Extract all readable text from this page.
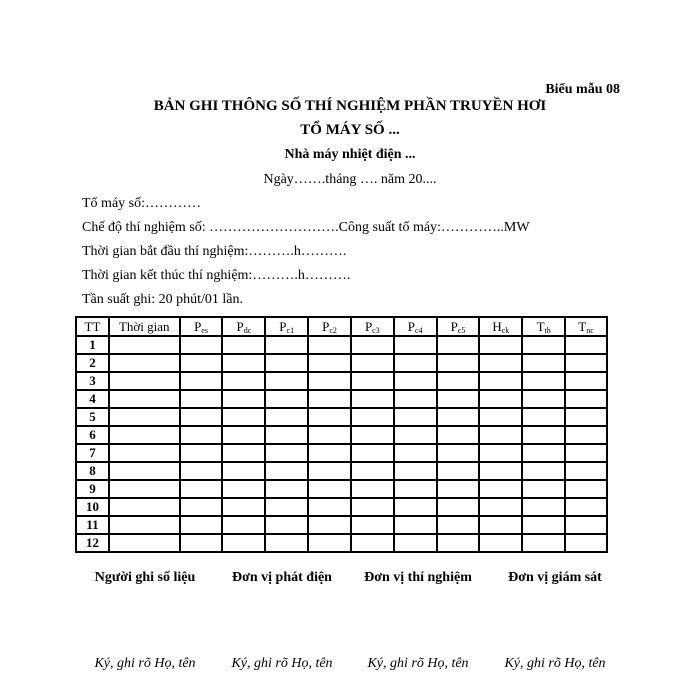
Biểu mẫu 08
BẢN GHI THÔNG SỐ THÍ NGHIỆM PHẦN TRUYỀN HƠI
TỔ MÁY SỐ ...
Nhà máy nhiệt điện ...
Ngày…….tháng …. năm 20....
Tổ máy số:…………
Chế độ thí nghiệm số: ……………………….Công suất tổ máy:…………..MW
Thời gian bắt đầu thí nghiệm:……….h……….
Thời gian kết thúc thí nghiệm:……….h……….
Tần suất ghi: 20 phút/01 lần.
TT	Thời gian	$P_{es}$	$P_{dc}$	$P_{c1}$	$P_{c2}$	$P_{c3}$	$P_{c4}$	$P_{c5}$	$H_{ck}$	$T_{th}$	$T_{nc}$
1											
2											
3											
4											
5											
6											
7											
8											
9											
10											
11											
12											
Người ghi số liệu
Ký, ghi rõ Họ, tên
Đơn vị phát điện
Ký, ghi rõ Họ, tên
Đơn vị thí nghiệm
Ký, ghi rõ Họ, tên
Đơn vị giám sát
Ký, ghi rõ Họ, tên
